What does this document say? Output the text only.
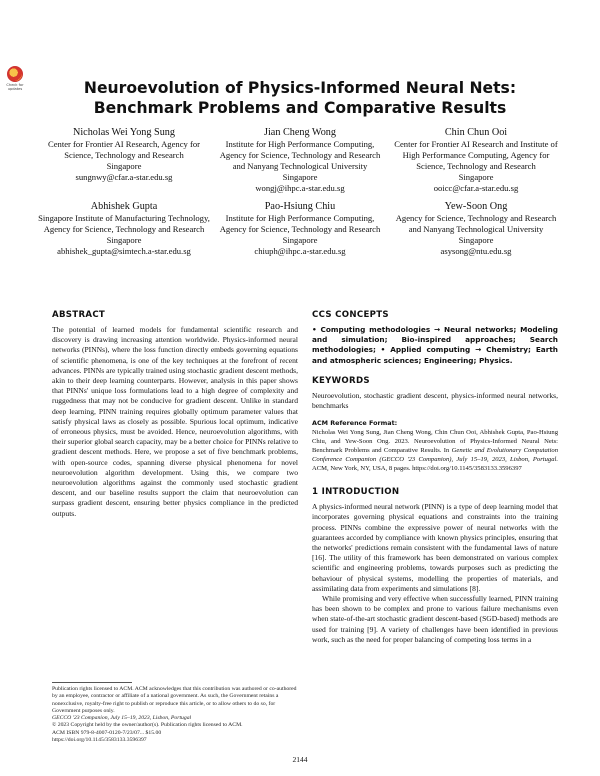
Check for updates	Neuroevolution of Physics-Informed Neural Nets: Benchmark Problems and Comparative Results
Nicholas Wei Yong Sung
Center for Frontier AI Research, Agency for Science, Technology and Research
Singapore
sungnwy@cfar.a-star.edu.sg
Jian Cheng Wong
Institute for High Performance Computing, Agency for Science, Technology and Research and Nanyang Technological University
Singapore
wongj@ihpc.a-star.edu.sg
Chin Chun Ooi
Center for Frontier AI Research and Institute of High Performance Computing, Agency for Science, Technology and Research
Singapore
ooicc@cfar.a-star.edu.sg
Abhishek Gupta
Singapore Institute of Manufacturing Technology, Agency for Science, Technology and Research
Singapore
abhishek_gupta@simtech.a-star.edu.sg
Pao-Hsiung Chiu
Institute for High Performance Computing, Agency for Science, Technology and Research
Singapore
chiuph@ihpc.a-star.edu.sg
Yew-Soon Ong
Agency for Science, Technology and Research and Nanyang Technological University
Singapore
asysong@ntu.edu.sg
ABSTRACT

The potential of learned models for fundamental scientific research and discovery is drawing increasing attention worldwide. Physics-informed neural networks (PINNs), where the loss function directly embeds governing equations of scientific phenomena, is one of the key techniques at the forefront of recent advances. PINNs are typically trained using stochastic gradient descent methods, akin to their deep learning counterparts. However, analysis in this paper shows that PINNs' unique loss formulations lead to a high degree of complexity and ruggedness that may not be conducive for gradient descent. Unlike in standard deep learning, PINN training requires globally optimum parameter values that satisfy physical laws as closely as possible. Spurious local optimum, indicative of erroneous physics, must be avoided. Hence, neuroevolution algorithms, with their superior global search capacity, may be a better choice for PINNs relative to gradient descent methods. Here, we propose a set of five benchmark problems, with open-source codes, spanning diverse physical phenomena for novel neuroevolution algorithm development. Using this, we compare two neuroevolution algorithms against the commonly used stochastic gradient descent, and our baseline results support the claim that neuroevolution can surpass gradient descent, ensuring better physics compliance in the predicted outputs.

Publication rights licensed to ACM. ACM acknowledges that this contribution was authored or co-authored by an employee, contractor or affiliate of a national government. As such, the Government retains a nonexclusive, royalty-free right to publish or reproduce this article, or to allow others to do so, for Government purposes only.
GECCO '23 Companion, July 15–19, 2023, Lisbon, Portugal
© 2023 Copyright held by the owner/author(s). Publication rights licensed to ACM.
ACM ISBN 979-8-4007-0120-7/23/07... $15.00
https://doi.org/10.1145/3583133.3596397
CCS CONCEPTS
• Computing methodologies → Neural networks; Modeling and simulation; Bio-inspired approaches; Search methodologies; • Applied computing → Chemistry; Earth and atmospheric sciences; Engineering; Physics.
KEYWORDS

Neuroevolution, stochastic gradient descent, physics-informed neural networks, benchmarks

ACM Reference Format:
Nicholas Wei Yong Sung, Jian Cheng Wong, Chin Chun Ooi, Abhishek Gupta, Pao-Hsiung Chiu, and Yew-Soon Ong. 2023. Neuroevolution of Physics-Informed Neural Nets: Benchmark Problems and Comparative Results. In Genetic and Evolutionary Computation Conference Companion (GECCO '23 Companion), July 15–19, 2023, Lisbon, Portugal. ACM, New York, NY, USA, 8 pages. https://doi.org/10.1145/3583133.3596397
1 INTRODUCTION

A physics-informed neural network (PINN) is a type of deep learning model that incorporates governing physical equations and constraints into the training process. PINNs combine the expressive power of neural networks with the guarantees accorded by compliance with known physics principles, ensuring that the networks' predictions remain consistent with the fundamental laws of nature [16]. The utility of this framework has been demonstrated on various complex scientific and engineering problems, towards purposes such as predicting the behaviour of physical systems, modelling the properties of materials, and assimilating data from experiments and simulations [8].

While promising and very effective when successfully learned, PINN training has been shown to be complex and prone to various failure mechanisms even when state-of-the-art stochastic gradient descent-based (SGD-based) methods are used for training [9]. A variety of challenges have been identified in previous work, such as the need for proper balancing of competing loss terms in a

2144
